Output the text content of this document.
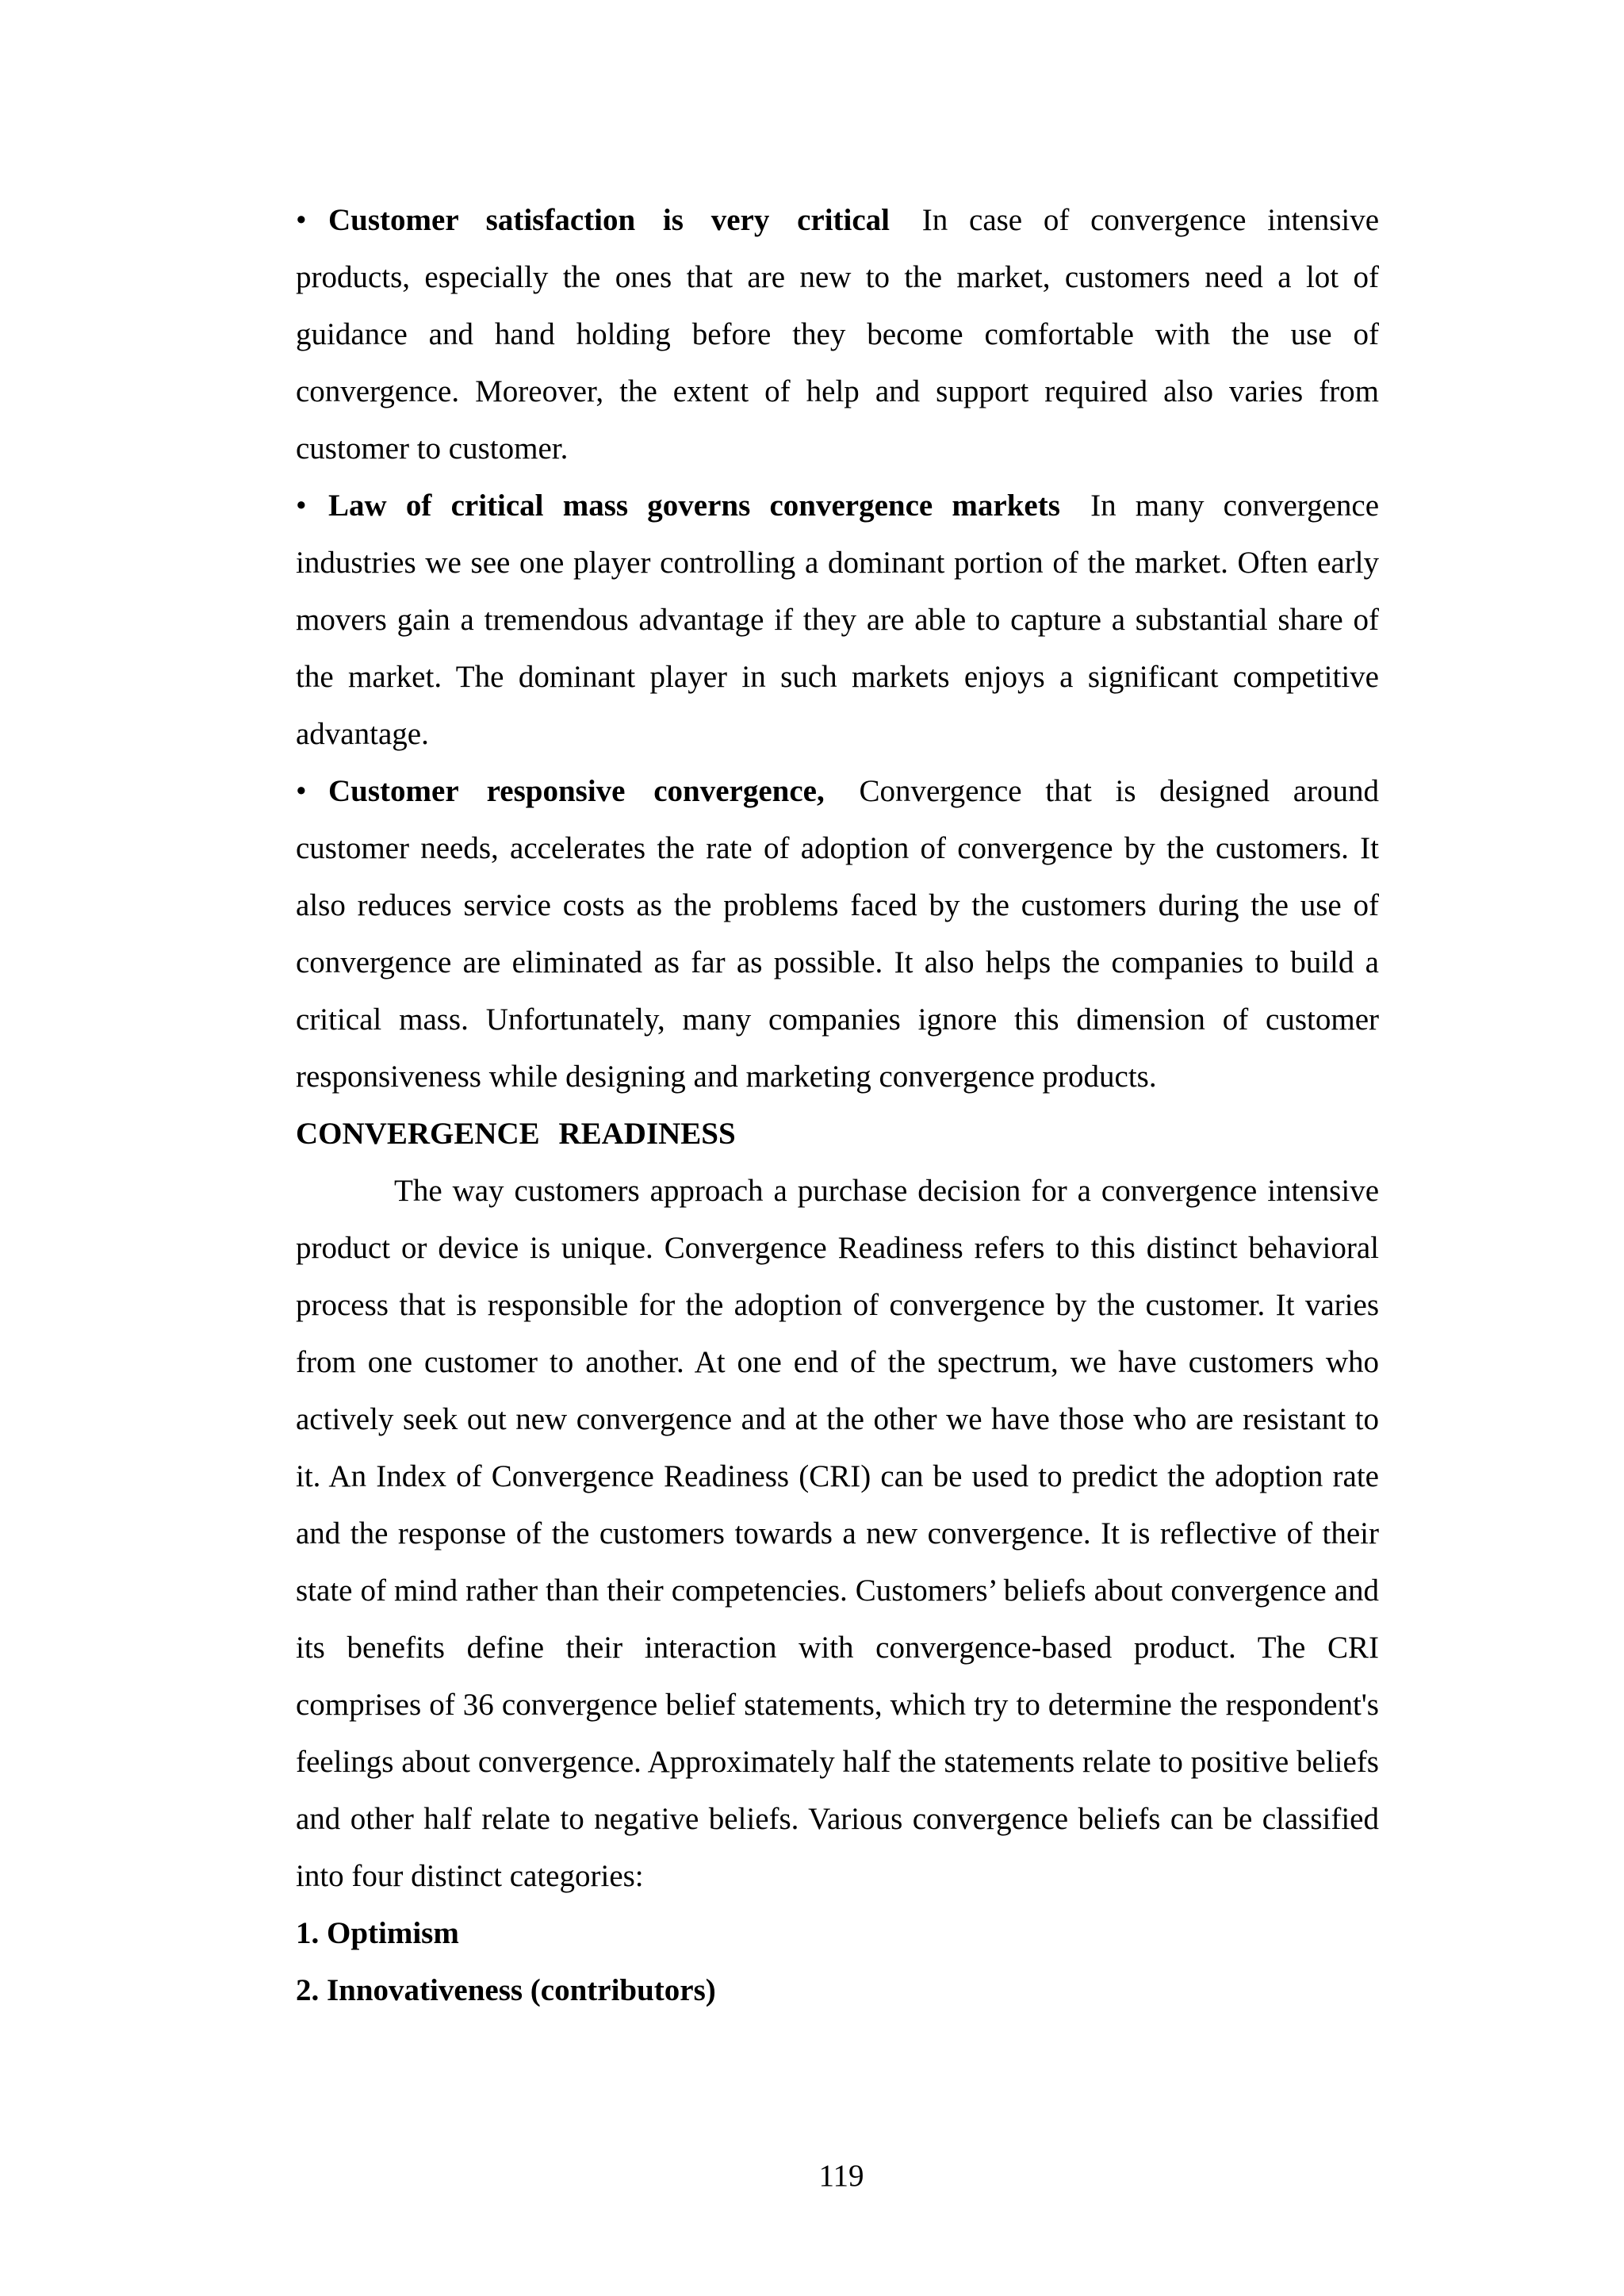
• Customer satisfaction is very critical In case of convergence intensive products, especially the ones that are new to the market, customers need a lot of guidance and hand holding before they become comfortable with the use of convergence. Moreover, the extent of help and support required also varies from customer to customer.
• Law of critical mass governs convergence markets In many convergence industries we see one player controlling a dominant portion of the market. Often early movers gain a tremendous advantage if they are able to capture a substantial share of the market. The dominant player in such markets enjoys a significant competitive advantage.
• Customer responsive convergence, Convergence that is designed around customer needs, accelerates the rate of adoption of convergence by the customers. It also reduces service costs as the problems faced by the customers during the use of convergence are eliminated as far as possible. It also helps the companies to build a critical mass. Unfortunately, many companies ignore this dimension of customer responsiveness while designing and marketing convergence products.
CONVERGENCE READINESS

The way customers approach a purchase decision for a convergence intensive product or device is unique. Convergence Readiness refers to this distinct behavioral process that is responsible for the adoption of convergence by the customer. It varies from one customer to another. At one end of the spectrum, we have customers who actively seek out new convergence and at the other we have those who are resistant to it. An Index of Convergence Readiness (CRI) can be used to predict the adoption rate and the response of the customers towards a new convergence. It is reflective of their state of mind rather than their competencies. Customers’ beliefs about convergence and its benefits define their interaction with convergence-based product. The CRI comprises of 36 convergence belief statements, which try to determine the respondent's feelings about convergence. Approximately half the statements relate to positive beliefs and other half relate to negative beliefs. Various convergence beliefs can be classified into four distinct categories:

1. Optimism
2. Innovativeness (contributors)
119
